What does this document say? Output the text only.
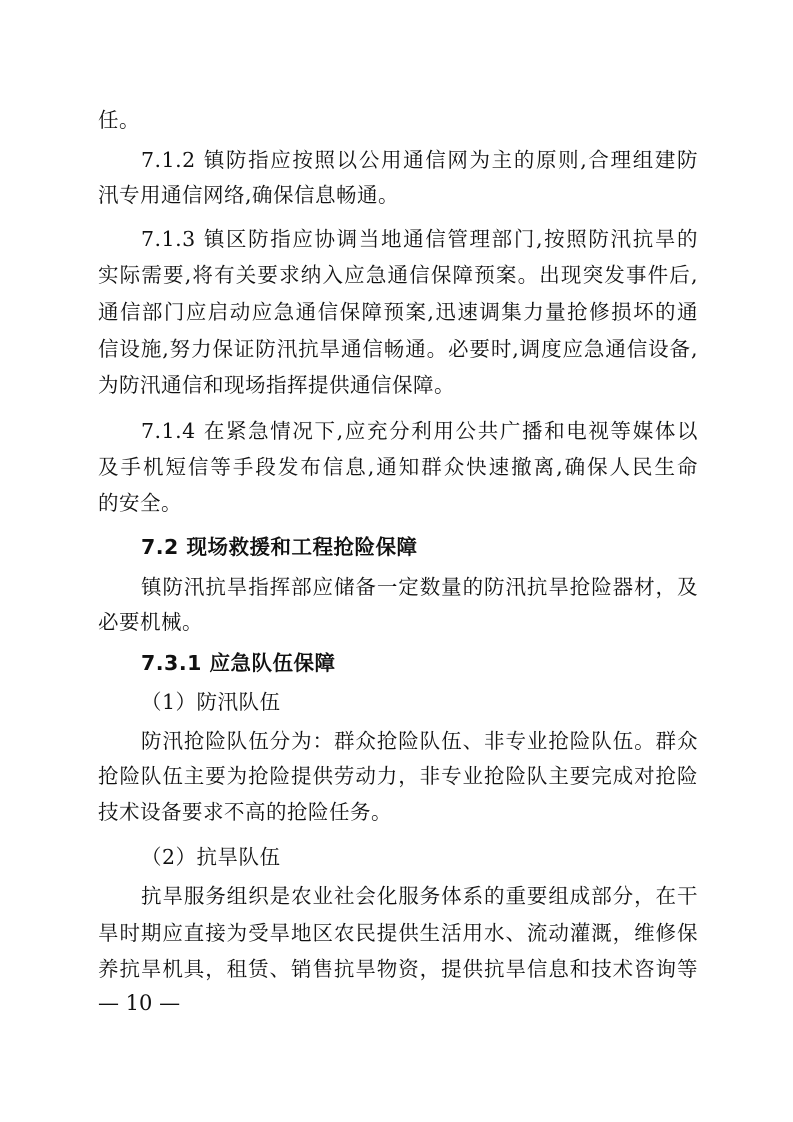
任。
7.1.2 镇防指应按照以公用通信网为主的原则,合理组建防
汛专用通信网络,确保信息畅通。
7.1.3 镇区防指应协调当地通信管理部门,按照防汛抗旱的
实际需要,将有关要求纳入应急通信保障预案。出现突发事件后,
通信部门应启动应急通信保障预案,迅速调集力量抢修损坏的通
信设施,努力保证防汛抗旱通信畅通。必要时,调度应急通信设备,
为防汛通信和现场指挥提供通信保障。
7.1.4 在紧急情况下,应充分利用公共广播和电视等媒体以
及手机短信等手段发布信息,通知群众快速撤离,确保人民生命
的安全。
7.2 现场救援和工程抢险保障
镇防汛抗旱指挥部应储备一定数量的防汛抗旱抢险器材，及
必要机械。
7.3.1 应急队伍保障
（1）防汛队伍
防汛抢险队伍分为：群众抢险队伍、非专业抢险队伍。群众
抢险队伍主要为抢险提供劳动力，非专业抢险队主要完成对抢险
技术设备要求不高的抢险任务。
（2）抗旱队伍
抗旱服务组织是农业社会化服务体系的重要组成部分，在干
旱时期应直接为受旱地区农民提供生活用水、流动灌溉，维修保
养抗旱机具，租赁、销售抗旱物资，提供抗旱信息和技术咨询等
— 10 —
